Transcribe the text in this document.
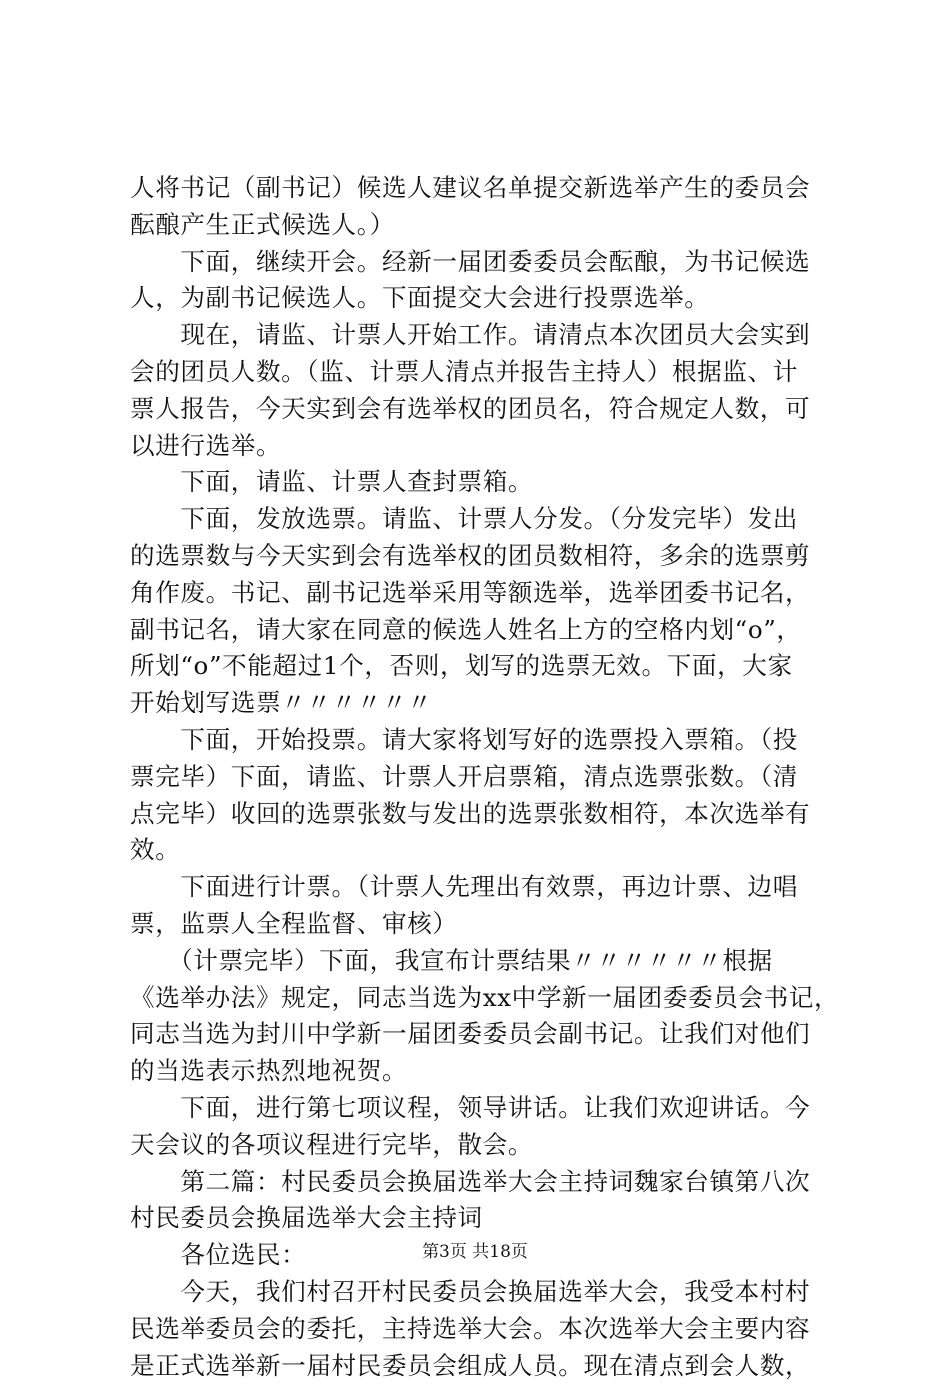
人将书记（副书记）候选人建议名单提交新选举产生的委员会
酝酿产生正式候选人。）
　　下面，继续开会。经新一届团委委员会酝酿，为书记候选
人，为副书记候选人。下面提交大会进行投票选举。
　　现在，请监、计票人开始工作。请清点本次团员大会实到
会的团员人数。（监、计票人清点并报告主持人）根据监、计
票人报告，今天实到会有选举权的团员名，符合规定人数，可
以进行选举。
　　下面，请监、计票人查封票箱。
　　下面，发放选票。请监、计票人分发。（分发完毕）发出
的选票数与今天实到会有选举权的团员数相符，多余的选票剪
角作废。书记、副书记选举采用等额选举，选举团委书记名，
副书记名，请大家在同意的候选人姓名上方的空格内划“o”，
所划“o”不能超过1个，否则，划写的选票无效。下面，大家
开始划写选票〃〃〃〃〃〃
　　下面，开始投票。请大家将划写好的选票投入票箱。（投
票完毕）下面，请监、计票人开启票箱，清点选票张数。（清
点完毕）收回的选票张数与发出的选票张数相符，本次选举有
效。
　　下面进行计票。（计票人先理出有效票，再边计票、边唱
票，监票人全程监督、审核）
　　（计票完毕）下面，我宣布计票结果〃〃〃〃〃〃根据
《选举办法》规定，同志当选为xx中学新一届团委委员会书记，
同志当选为封川中学新一届团委委员会副书记。让我们对他们
的当选表示热烈地祝贺。
　　下面，进行第七项议程，领导讲话。让我们欢迎讲话。今
天会议的各项议程进行完毕，散会。
　　第二篇：村民委员会换届选举大会主持词魏家台镇第八次
村民委员会换届选举大会主持词
　　各位选民：
　　今天，我们村召开村民委员会换届选举大会，我受本村村
民选举委员会的委托，主持选举大会。本次选举大会主要内容
是正式选举新一届村民委员会组成人员。现在清点到会人数，
第3页 共18页
